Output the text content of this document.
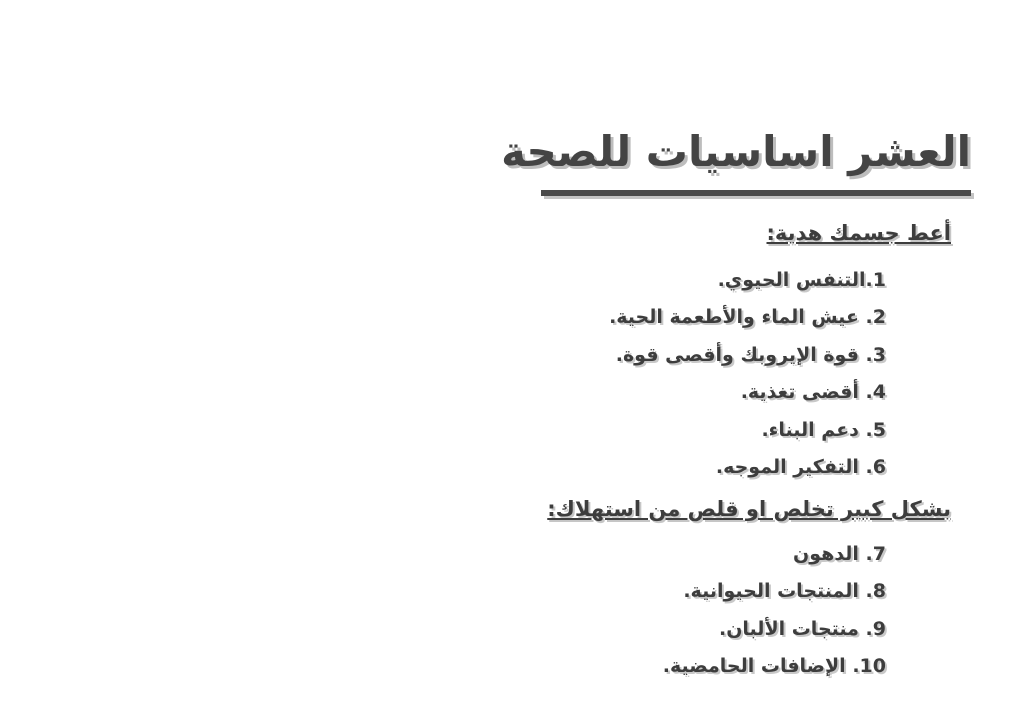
العشر اساسيات للصحة
أعط جسمك هدية:
1.التنفس الحيوي.
2. عيش الماء والأطعمة الحية.
3. قوة الإيروبك وأقصى قوة.
4. أقضى تغذية.
5. دعم البناء.
6. التفكير الموجه.
بشكل كبير تخلص او قلص من استهلاك:
7. الدهون
8. المنتجات الحيوانية.
9. منتجات الألبان.
10. الإضافات الحامضية.
